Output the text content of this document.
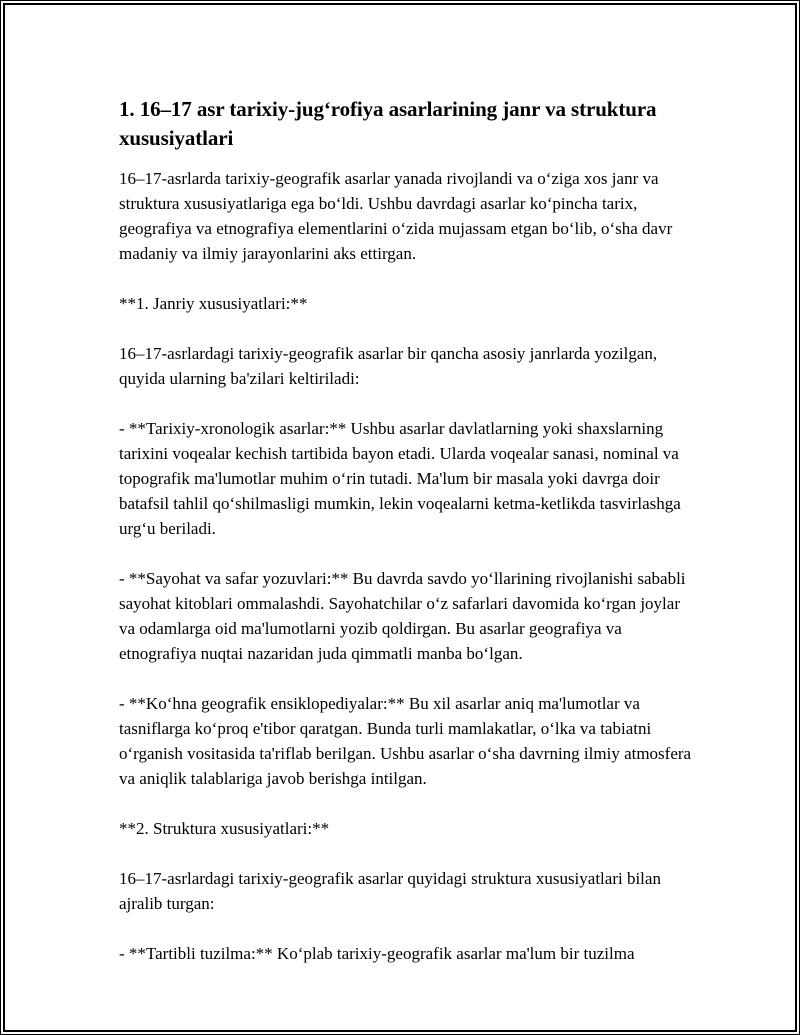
1. 16–17 asr tarixiy-jug‘rofiya asarlarining janr va struktura xususiyatlari

16–17-asrlarda tarixiy-geografik asarlar yanada rivojlandi va o‘ziga xos janr va struktura xususiyatlariga ega bo‘ldi. Ushbu davrdagi asarlar ko‘pincha tarix, geografiya va etnografiya elementlarini o‘zida mujassam etgan bo‘lib, o‘sha davr madaniy va ilmiy jarayonlarini aks ettirgan.

**1. Janriy xususiyatlari:**

16–17-asrlardagi tarixiy-geografik asarlar bir qancha asosiy janrlarda yozilgan, quyida ularning ba'zilari keltiriladi:

- **Tarixiy-xronologik asarlar:** Ushbu asarlar davlatlarning yoki shaxslarning tarixini voqealar kechish tartibida bayon etadi. Ularda voqealar sanasi, nominal va topografik ma'lumotlar muhim o‘rin tutadi. Ma'lum bir masala yoki davrga doir batafsil tahlil qo‘shilmasligi mumkin, lekin voqealarni ketma-ketlikda tasvirlashga urg‘u beriladi.

- **Sayohat va safar yozuvlari:** Bu davrda savdo yo‘llarining rivojlanishi sababli sayohat kitoblari ommalashdi. Sayohatchilar o‘z safarlari davomida ko‘rgan joylar va odamlarga oid ma'lumotlarni yozib qoldirgan. Bu asarlar geografiya va etnografiya nuqtai nazaridan juda qimmatli manba bo‘lgan.

- **Ko‘hna geografik ensiklopediyalar:** Bu xil asarlar aniq ma'lumotlar va tasniflarga ko‘proq e'tibor qaratgan. Bunda turli mamlakatlar, o‘lka va tabiatni o‘rganish vositasida ta'riflab berilgan. Ushbu asarlar o‘sha davrning ilmiy atmosfera va aniqlik talablariga javob berishga intilgan.

**2. Struktura xususiyatlari:**

16–17-asrlardagi tarixiy-geografik asarlar quyidagi struktura xususiyatlari bilan ajralib turgan:

- **Tartibli tuzilma:** Ko‘plab tarixiy-geografik asarlar ma'lum bir tuzilma
